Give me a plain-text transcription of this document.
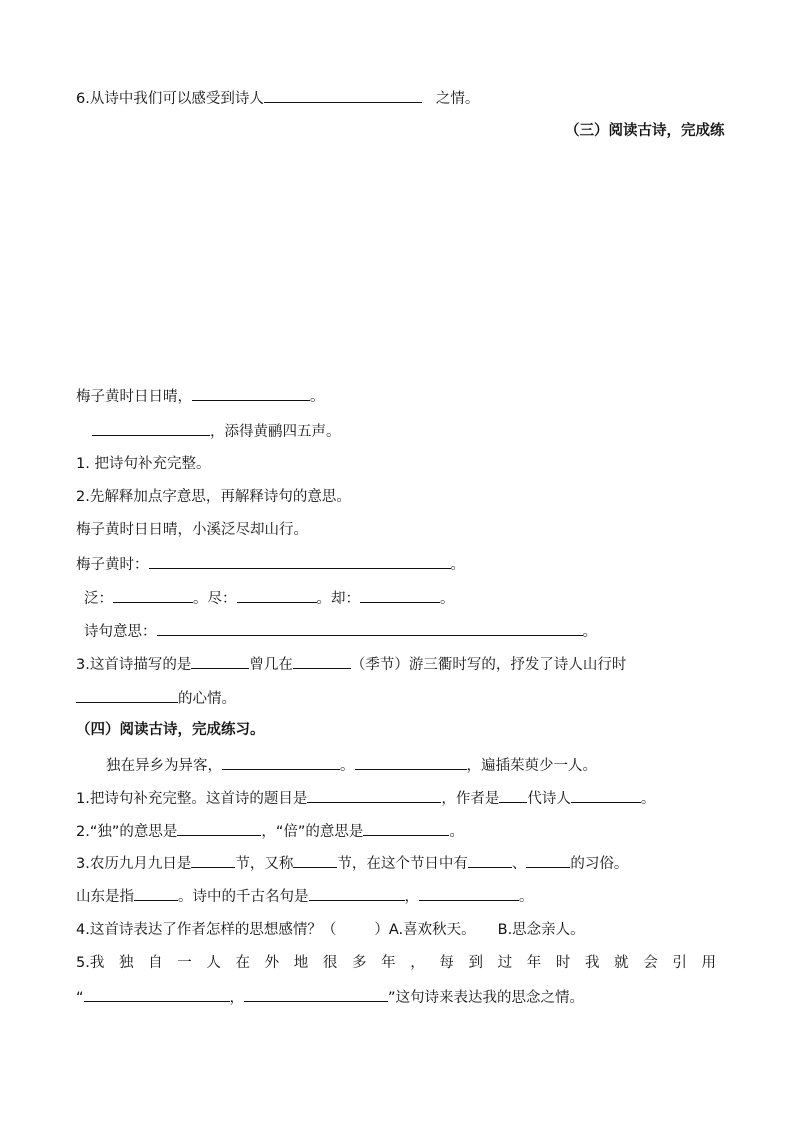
6.从诗中我们可以感受到诗人	之情。
（三）阅读古诗，完成练
梅子黄时日日晴，	。
，添得黄鹂四五声。
1. 把诗句补充完整。
2.先解释加点字意思，再解释诗句的意思。
梅子黄时日日晴，小溪泛尽却山行。
梅子黄时：	。
泛：	。尽：	。却：	。
诗句意思：	。
3.这首诗描写的是	曾几在	（季节）游三衢时写的，抒发了诗人山行时
的心情。
（四）阅读古诗，完成练习。
独在异乡为异客，	。	，遍插茱萸少一人。
1.把诗句补充完整。这首诗的题目是	，作者是 代诗人	。
2.“独”的意思是	，“倍”的意思是	。
3.农历九月九日是	节，又称	节，在这个节日中有	、	的习俗。
山东是指	。诗中的千古名句是	，	。
4.这首诗表达了作者怎样的思想感情？（	）A.喜欢秋天。 B.思念亲人。
5.我 独 自 一 人 在 外 地 很 多 年 ， 每 到 过 年 时 我 就 会 引 用
“	，	”这句诗来表达我的思念之情。
